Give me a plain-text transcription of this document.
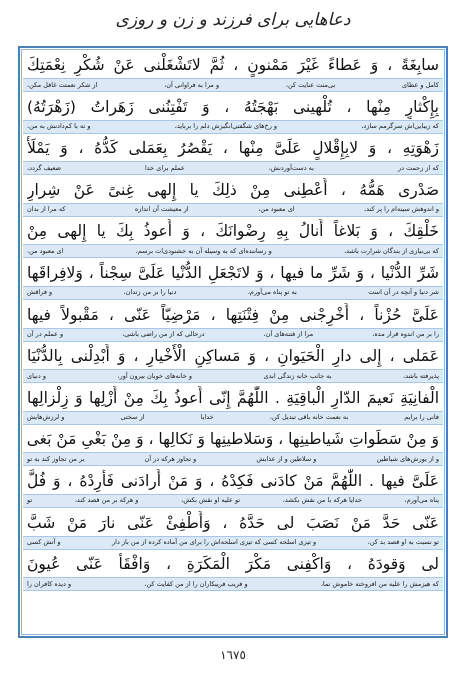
دعاهایی برای فرزند و زن و روزی
سابِغَةً ، وَ عَطاءً غَيْرَ مَمْنونٍ ، ثُمَّ لاتَشْغَلْنی عَنْ شُكْرِ نِعْمَتِكَ
کامل و عطای
بی‌منت عنایت کن،
و مرا به فراوانی آن،
از شکر نعمتت غافل مکن،
بِإِكْثارٍ مِنْها ، تُلْهينی بَهْجَتُهُ ، وَ تَفْتِنُنی زَهَراتُ (زَهْرَتُهُ)
که زیبایی‌اش سرگرمم سازد،
و رخ‌های شگفتی‌انگیزش دلم را برباید،
و نه با کم‌دادنش به من،
زَهْوَتِهِ ، وَ لابِإِقْلالٍ عَلَیَّ مِنْها ، يَقْصُرُ بِعَمَلی كَدُّهُ ، وَ يَمْلَأُ
که از زحمت در
به دست‌آوردنش،
عملم برای خدا
ضعیف گردد،
صَدْری هَمُّهُ ، أَعْطِنی مِنْ ذلِكَ يا إِلهی غِنیً عَنْ شِرارِ
و اندوهش سینه‌ام را پر کند،
ای معبود من،
از معیشت آن اندازه
که مرا از بدان
خَلْقِكَ ، وَ بَلاغاً أَنالُ بِهِ رِضْوانَكَ ، وَ أَعوذُ بِكَ يا إِلهی مِنْ
که بی‌نیازی از بندگان شرارت باشد،
و رساننده‌ای که به وسیله آن به خشنودی‌ات برسم،
ای معبود من،
شَرِّ الدُّنْيا ، وَ شَرِّ ما فيها ، وَ لاتَجْعَلِ الدُّنْيا عَلَیَّ سِجْناً ، وَلافِراقَها
شر دنیا و آنچه در آن است
به تو پناه می‌آورم،
دنیا را بر من زندان،
و فراقش
عَلَیَّ حُزْناً ، أَخْرِجْنی مِنْ فِتْنَتِها ، مَرْضِيّاً عَنّی ، مَقْبولاً فيها
را بر من اندوه قرار مده،
مرا از فتنه‌های آن،
درحالی که از من راضی باشی،
و عملم در آن
عَمَلی ، إِلی دارِ الْحَيَوانِ ، وَ مَساكِنِ الْأَخْيارِ ، وَ أَبْدِلْنی بِالدُّنْيَا
پذیرفته باشد،
به جانب خانه زندگی ابدی
و خانه‌های خوبان بیرون آور،
و دنیای
الْفانِيَةِ نَعيمَ الدّارِ الْباقِيَةِ . اللّٰهُمَّ إِنّی أَعوذُ بِكَ مِنْ أَزْلِها وَ زِلْزالِها
فانی را برایم
به نعمت خانه باقی تبدیل کن،
خدایا
از سختی
و لرزش‌هایش
وَ مِنْ سَطَواتِ شَياطينِها ، وَسَلاطينِها وَ نَكالِها ، وَ مِنْ بَغْیِ مَنْ بَغی
و از یورش‌های شیاطین
و سلاطین و از عذابش
و تجاوز هرکه در آن
بر من تجاوز کند به تو
عَلَیَّ فيها . اللّٰهُمَّ مَنْ كادَنی فَكِدْهُ ، وَ مَنْ أَرادَنی فَأَرِدْهُ ، وَ فُلَّ
پناه می‌آورم،
خدایا هرکه با من نقش بکشد،
تو علیه او نقش بکش،
و هرکه بر من قصد کند،
تو
عَنّی حَدَّ مَنْ نَصَبَ لی حَدَّهُ ، وَأَطْفِئْ عَنّی نارَ مَنْ شَبَّ
تو نسبت به او قصد بد کن،
و تیزی اسلحه کسی که تیزی اسلحه‌اش را برای من آماده کرده از من باز دار
و آتش کسی
لی وَقودَهُ ، وَاكْفِنی مَكْرَ الْمَكَرَةِ ، وَافْقَأْ عَنّی عُيونَ
که هیزمش را علیه من افروخته خاموش نما،
و فریب فریبکاران را از من کفایت کن،
و دیده کافران را
١٦٧٥
